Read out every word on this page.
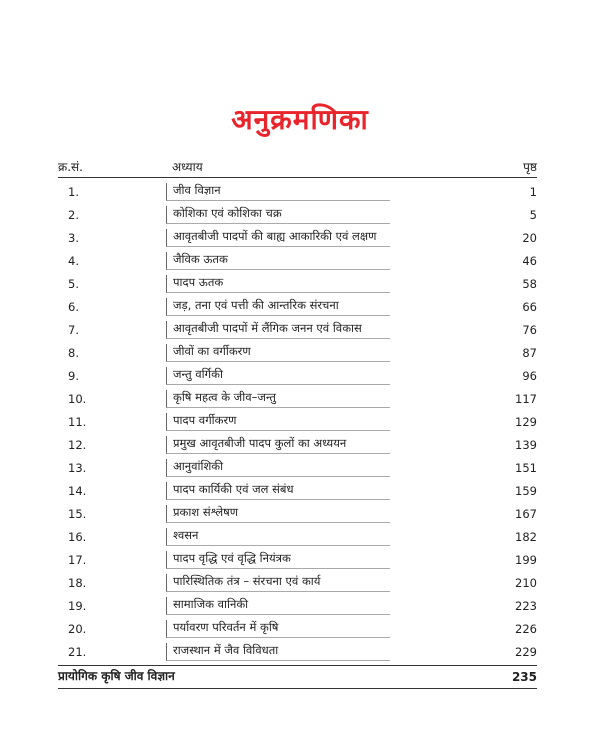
अनुक्रमणिका
क्र.सं.	अध्याय	पृष्ठ
1.	जीव विज्ञान	1
2.	कोशिका एवं कोशिका चक्र	5
3.	आवृतबीजी पादपों की बाह्य आकारिकी एवं लक्षण	20
4.	जैविक ऊतक	46
5.	पादप ऊतक	58
6.	जड़, तना एवं पत्ती की आन्तरिक संरचना	66
7.	आवृतबीजी पादपों में लैंगिक जनन एवं विकास	76
8.	जीवों का वर्गीकरण	87
9.	जन्तु वर्गिकी	96
10.	कृषि महत्व के जीव–जन्तु	117
11.	पादप वर्गीकरण	129
12.	प्रमुख आवृतबीजी पादप कुलों का अध्ययन	139
13.	आनुवांशिकी	151
14.	पादप कार्यिकी एवं जल संबंध	159
15.	प्रकाश संश्लेषण	167
16.	श्वसन	182
17.	पादप वृद्धि एवं वृद्धि नियंत्रक	199
18.	पारिस्थितिक तंत्र – संरचना एवं कार्य	210
19.	सामाजिक वानिकी	223
20.	पर्यावरण परिवर्तन में कृषि	226
21.	राजस्थान में जैव विविधता	229
प्रायोगिक कृषि जीव विज्ञान	235
